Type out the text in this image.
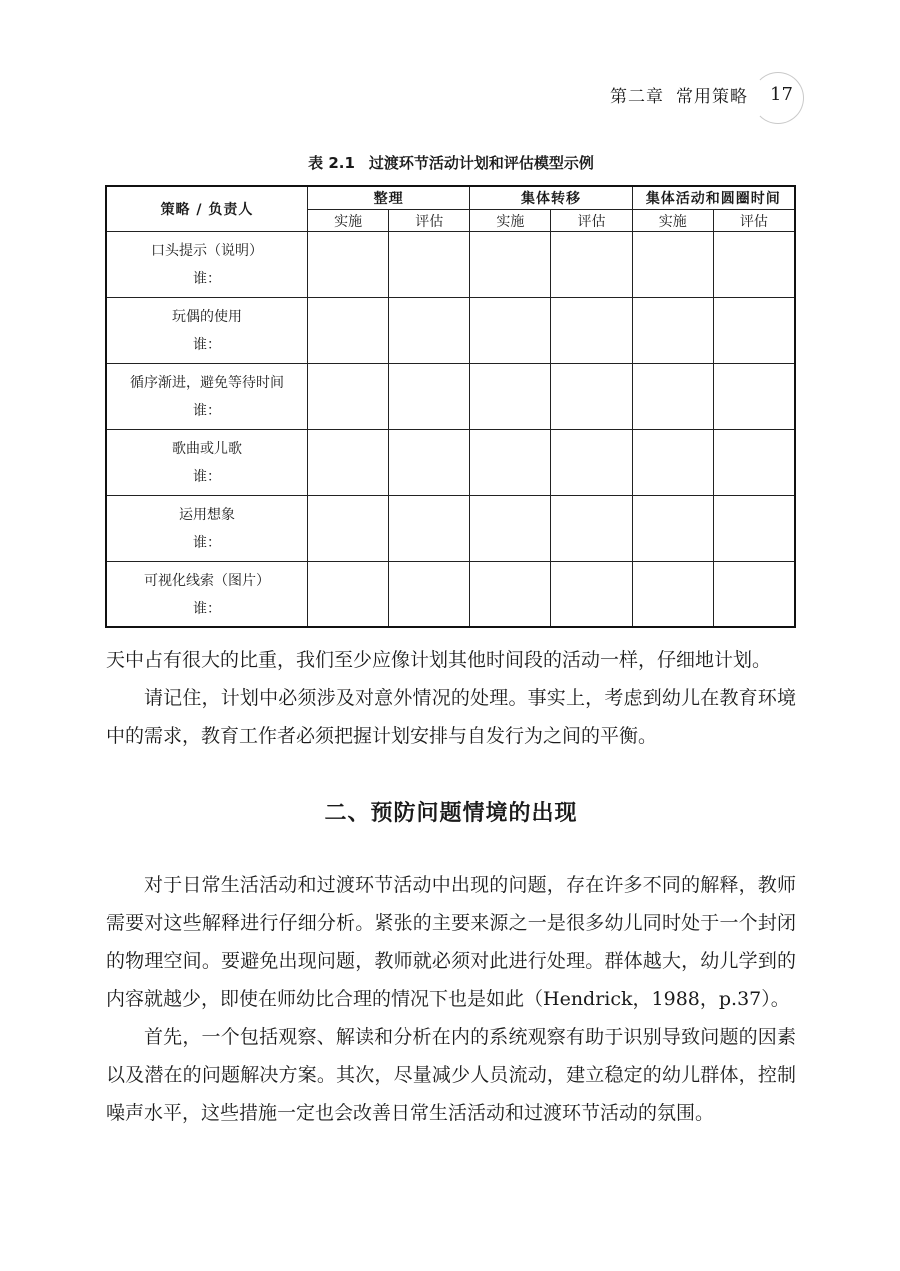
第二章 常用策略 17
表 2.1 过渡环节活动计划和评估模型示例
策略 / 负责人	整理		集体转移		集体活动和圆圈时间	
	实施	评估	实施	评估	实施	评估

口头提示（说明）
谁：						

玩偶的使用
谁：						

循序渐进，避免等待时间
谁：						

歌曲或儿歌
谁：						

运用想象
谁：						

可视化线索（图片）
谁：						

天中占有很大的比重，我们至少应像计划其他时间段的活动一样，仔细地计划。

请记住，计划中必须涉及对意外情况的处理。事实上，考虑到幼儿在教育环境中的需求，教育工作者必须把握计划安排与自发行为之间的平衡。

二、预防问题情境的出现

对于日常生活活动和过渡环节活动中出现的问题，存在许多不同的解释，教师需要对这些解释进行仔细分析。紧张的主要来源之一是很多幼儿同时处于一个封闭的物理空间。要避免出现问题，教师就必须对此进行处理。群体越大，幼儿学到的内容就越少，即使在师幼比合理的情况下也是如此（Hendrick，1988，p.37）。

首先，一个包括观察、解读和分析在内的系统观察有助于识别导致问题的因素以及潜在的问题解决方案。其次，尽量减少人员流动，建立稳定的幼儿群体，控制噪声水平，这些措施一定也会改善日常生活活动和过渡环节活动的氛围。
